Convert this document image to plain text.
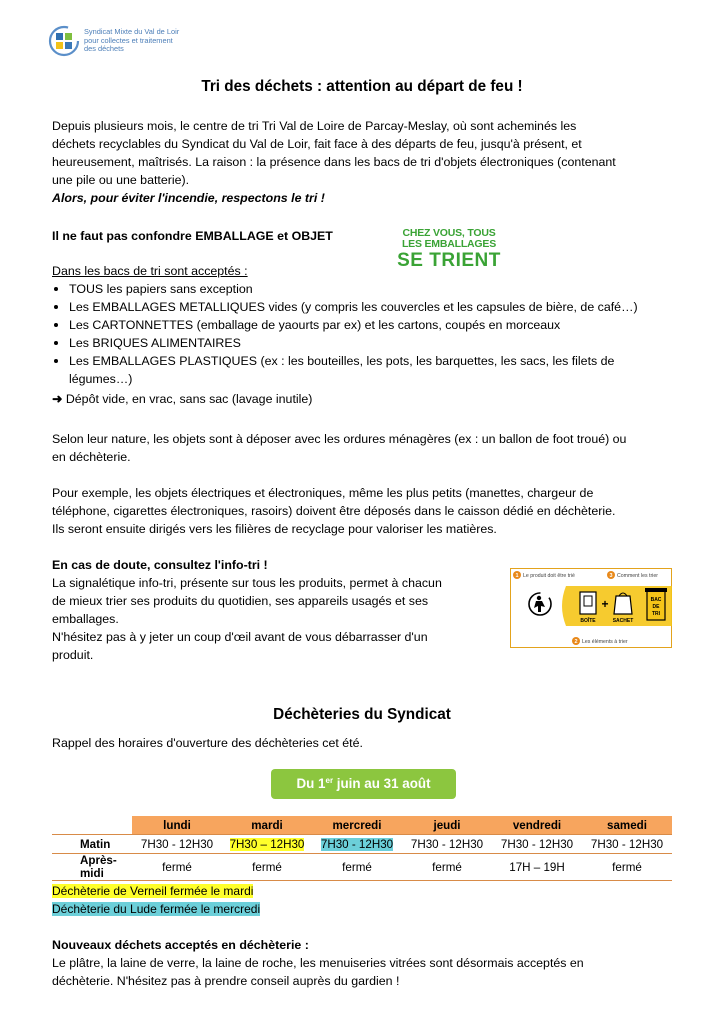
Syndicat Mixte du Val de Loir
pour collectes et traitement
des déchets
Tri des déchets : attention au départ de feu !
Depuis plusieurs mois, le centre de tri Tri Val de Loire de Parcay-Meslay, où sont acheminés les
déchets recyclables du Syndicat du Val de Loir, fait face à des départs de feu, jusqu'à présent, et
heureusement, maîtrisés. La raison : la présence dans les bacs de tri d'objets électroniques (contenant
une pile ou une batterie).
Alors, pour éviter l'incendie, respectons le tri !
Il ne faut pas confondre EMBALLAGE et OBJET	CHEZ VOUS, TOUS
LES EMBALLAGES
SE TRIENT
Dans les bacs de tri sont acceptés :
TOUS les papiers sans exception
Les EMBALLAGES METALLIQUES vides (y compris les couvercles et les capsules de bière, de café…)
Les CARTONNETTES (emballage de yaourts par ex) et les cartons, coupés en morceaux
Les BRIQUES ALIMENTAIRES
Les EMBALLAGES PLASTIQUES (ex : les bouteilles, les pots, les barquettes, les sacs, les filets de
légumes…)
➜ Dépôt vide, en vrac, sans sac (lavage inutile)
Selon leur nature, les objets sont à déposer avec les ordures ménagères (ex : un ballon de foot troué) ou
en déchèterie.
Pour exemple, les objets électriques et électroniques, même les plus petits (manettes, chargeur de
téléphone, cigarettes électroniques, rasoirs) doivent être déposés dans le caisson dédié en déchèterie.
Ils seront ensuite dirigés vers les filières de recyclage pour valoriser les matières.
En cas de doute, consultez l'info-tri !
La signalétique info-tri, présente sur tous les produits, permet à chacun
de mieux trier ses produits du quotidien, ses appareils usagés et ses
emballages.
N'hésitez pas à y jeter un coup d'œil avant de vous débarrasser d'un
produit.
1 Le produit doit être trié	3 Comment les trier
BOÎTE
+
SACHET
BAC
DE
TRI
2 Les éléments à trier
Déchèteries du Syndicat
Rappel des horaires d'ouverture des déchèteries cet été.
Du 1er juin au 31 août
	lundi	mardi	mercredi	jeudi	vendredi	samedi
Matin	7H30 - 12H30	7H30 – 12H30	7H30 - 12H30	7H30 - 12H30	7H30 - 12H30	7H30 - 12H30
Après-midi	fermé	fermé	fermé	fermé	17H – 19H	fermé
Déchèterie de Verneil fermée le mardi
Déchèterie du Lude fermée le mercredi
Nouveaux déchets acceptés en déchèterie :
Le plâtre, la laine de verre, la laine de roche, les menuiseries vitrées sont désormais acceptés en
déchèterie. N'hésitez pas à prendre conseil auprès du gardien !
